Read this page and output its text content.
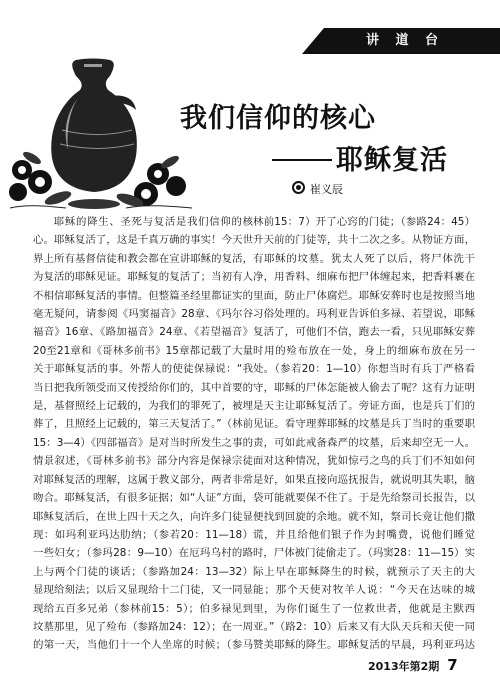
讲 道 台
我们信仰的核心
耶稣复活
崔义辰

耶稣的降生、圣死与复活是我们信仰的核心。耶稣复活了，这是千真万确的事实！今天世界上所有基督信徒和教会都在宣讲耶稣的复活，为复活的耶稣见证。耶稣复的复活了；当初有人不相信耶稣复活的事情。但整篇圣经里都证实的毫无疑问，请参阅《玛窦福音》28章、《玛尔谷福音》16章、《路加福音》24章、《若望福音》20至21章和《哥林多前书》15章都记载了大量关于耶稣复活的事。外帮人的使徒保禄说：“我当日把我所领受而又传授给你们的，其中首要的是，基督照经上记载的，为我们的罪死了，被埋葬了，且照经上记载的，第三天复活了。”（林前15：3—4）《四部福音》是对当时所发生之事的情景叙述，《哥林多前书》部分内容是保禄宗徒对耶稣复活的理解，这属于教义部分，两者非常吻合。耶稣复活，有很多证据；如“人证”方面，耶稣复活后，在世上四十天之久，向许多门徒显现：如玛利亚玛达肋纳；（参若20：11—18）一些妇女；（参玛28：9—10）在厄玛乌村的路上与两个门徒的谈话；（参路加24：13—32）显现给刻法；以后又显现给十二门徒，又一同显现给五百多兄弟（参林前15：5）；伯多禄见到坟墓那里，见了殓布（参路加24：12）；在一周的第一天，当他们十一个人坐席的时候；（参马

林前15：7）开了心窍的门徒；（参路24：45）升天前的门徒等，共十二次之多。从物证方面，有耶稣的坟墓。犹太人死了以后，将尸体洗干净，用香料、细麻布把尸体缠起来，把香料裹在里面，防止尸体腐烂。耶稣安葬时也是按照当地习俗处理的。玛利亚告诉伯多禄、若望说，耶稣复活了，可他们不信，跑去一看，只见耶稣安葬时用的殓布放在一处，身上的细麻布放在另一处。（参若20：1—10）你想当时有兵丁严格看守，耶稣的尸体怎能被人偷去了呢？这有力证明是天主让耶稣复活了。旁证方面，也是兵丁们的见证。看守理葬耶稣的坟墓是兵丁当时的重要职责，可如此戒备森严的坟墓，后来却空无一人。面对这种情况，犹如惊弓之鸟的兵丁们不知如何是好，如果直接向巡抚报告，就说明其失职，脑袋可能就要保不住了。于是先给祭司长报告，以便找到回旋的余地。就不知，祭司长竟让他们撒谎，并且给他们银子作为封嘴费，说他们睡觉时，尸体被门徒偷走了。（玛窦28：11—15）实际上早在耶稣降生的时候，就预示了天主的大能；那个天使对牧羊人说：“今天在达味的城里，为你们诞生了一位救世者，他就是主默西亚。”（路2：10）后来又有大队天兵和天使一同赞美耶稣的降生。耶稣复活的早晨，玛利亚玛达

2013年第2期 7
